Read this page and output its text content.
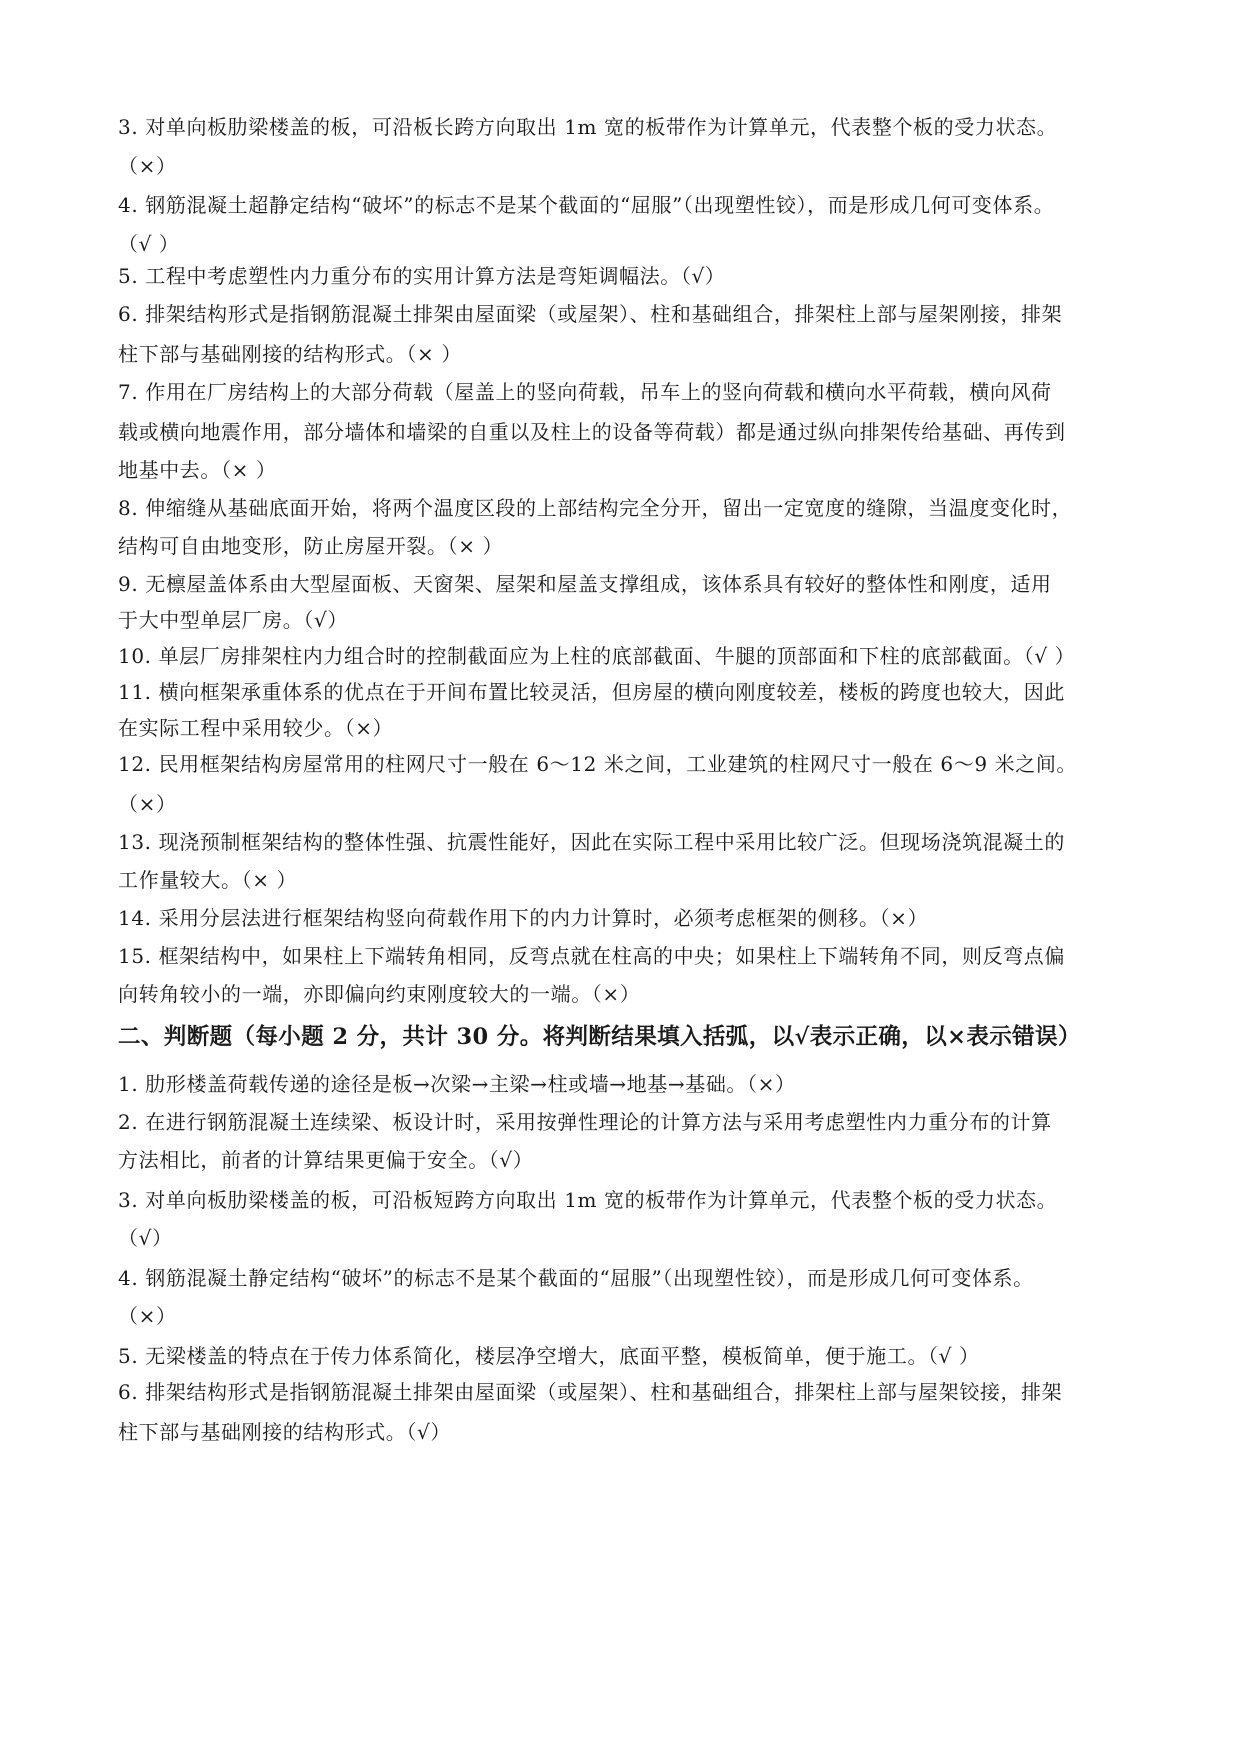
3. 对单向板肋梁楼盖的板，可沿板长跨方向取出 1m 宽的板带作为计算单元，代表整个板的受力状态。
（×）
4. 钢筋混凝土超静定结构“破坏”的标志不是某个截面的“屈服”（出现塑性铰），而是形成几何可变体系。
（√ ）
5. 工程中考虑塑性内力重分布的实用计算方法是弯矩调幅法。（√）
6. 排架结构形式是指钢筋混凝土排架由屋面梁（或屋架）、柱和基础组合，排架柱上部与屋架刚接，排架
柱下部与基础刚接的结构形式。（× ）
7. 作用在厂房结构上的大部分荷载（屋盖上的竖向荷载，吊车上的竖向荷载和横向水平荷载，横向风荷
载或横向地震作用，部分墙体和墙梁的自重以及柱上的设备等荷载）都是通过纵向排架传给基础、再传到
地基中去。（× ）
8. 伸缩缝从基础底面开始，将两个温度区段的上部结构完全分开，留出一定宽度的缝隙，当温度变化时，
结构可自由地变形，防止房屋开裂。（× ）
9. 无檩屋盖体系由大型屋面板、天窗架、屋架和屋盖支撑组成，该体系具有较好的整体性和刚度，适用
于大中型单层厂房。（√）
10. 单层厂房排架柱内力组合时的控制截面应为上柱的底部截面、牛腿的顶部面和下柱的底部截面。（√ ）
11. 横向框架承重体系的优点在于开间布置比较灵活，但房屋的横向刚度较差，楼板的跨度也较大，因此
在实际工程中采用较少。（×）
12. 民用框架结构房屋常用的柱网尺寸一般在 6～12 米之间，工业建筑的柱网尺寸一般在 6～9 米之间。
（×）
13. 现浇预制框架结构的整体性强、抗震性能好，因此在实际工程中采用比较广泛。但现场浇筑混凝土的
工作量较大。（× ）
14. 采用分层法进行框架结构竖向荷载作用下的内力计算时，必须考虑框架的侧移。（×）
15. 框架结构中，如果柱上下端转角相同，反弯点就在柱高的中央；如果柱上下端转角不同，则反弯点偏
向转角较小的一端，亦即偏向约束刚度较大的一端。（×）
二、判断题（每小题 2 分，共计 30 分。将判断结果填入括弧，以√表示正确，以×表示错误）
1. 肋形楼盖荷载传递的途径是板→次梁→主梁→柱或墙→地基→基础。（×）
2. 在进行钢筋混凝土连续梁、板设计时，采用按弹性理论的计算方法与采用考虑塑性内力重分布的计算
方法相比，前者的计算结果更偏于安全。（√）
3. 对单向板肋梁楼盖的板，可沿板短跨方向取出 1m 宽的板带作为计算单元，代表整个板的受力状态。
（√）
4. 钢筋混凝土静定结构“破坏”的标志不是某个截面的“屈服”（出现塑性铰），而是形成几何可变体系。
（×）
5. 无梁楼盖的特点在于传力体系简化，楼层净空增大，底面平整，模板简单，便于施工。（√ ）
6. 排架结构形式是指钢筋混凝土排架由屋面梁（或屋架）、柱和基础组合，排架柱上部与屋架铰接，排架
柱下部与基础刚接的结构形式。（√）
